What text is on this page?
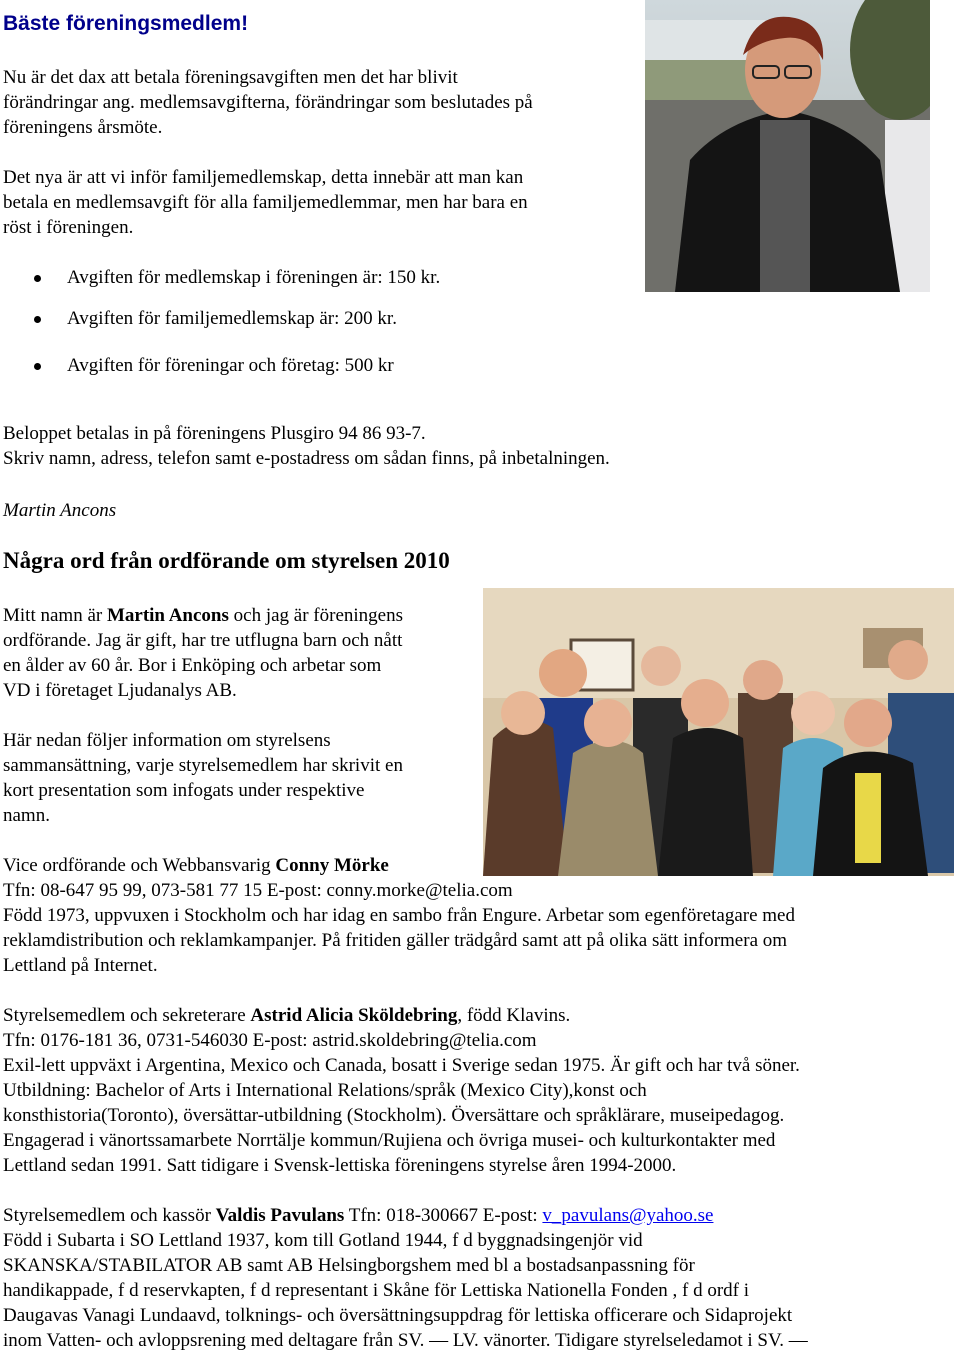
Bäste föreningsmedlem!

Nu är det dax att betala föreningsavgiften men det har blivit

förändringar ang. medlemsavgifterna, förändringar som beslutades på

föreningens årsmöte.

Det nya är att vi inför familjemedlemskap, detta innebär att man kan

betala en medlemsavgift för alla familjemedlemmar, men har bara en

röst i föreningen.

Avgiften för medlemskap i föreningen är: 150 kr.
Avgiften för familjemedlemskap är: 200 kr.
Avgiften för föreningar och företag: 500 kr

Beloppet betalas in på föreningens Plusgiro 94 86 93-7.

Skriv namn, adress, telefon samt e-postadress om sådan finns, på inbetalningen.

Martin Ancons

Några ord från ordförande om styrelsen 2010

Mitt namn är Martin Ancons och jag är föreningens

ordförande. Jag är gift, har tre utflugna barn och nått

en ålder av 60 år. Bor i Enköping och arbetar som

VD i företaget Ljudanalys AB.

Här nedan följer information om styrelsens

sammansättning, varje styrelsemedlem har skrivit en

kort presentation som infogats under respektive

namn.

Vice ordförande och Webbansvarig Conny Mörke

Tfn: 08-647 95 99, 073-581 77 15 E-post: conny.morke@telia.com

Född 1973, uppvuxen i Stockholm och har idag en sambo från Engure. Arbetar som egenföretagare med

reklamdistribution och reklamkampanjer. På fritiden gäller trädgård samt att på olika sätt informera om

Lettland på Internet.

Styrelsemedlem och sekreterare Astrid Alicia Sköldebring, född Klavins.

Tfn: 0176-181 36, 0731-546030 E-post: astrid.skoldebring@telia.com

Exil-lett uppväxt i Argentina, Mexico och Canada, bosatt i Sverige sedan 1975. Är gift och har två söner.

Utbildning: Bachelor of Arts i International Relations/språk (Mexico City),konst och

konsthistoria(Toronto), översättar-utbildning (Stockholm). Översättare och språklärare, museipedagog.

Engagerad i vänortssamarbete Norrtälje kommun/Rujiena och övriga musei- och kulturkontakter med

Lettland sedan 1991. Satt tidigare i Svensk-lettiska föreningens styrelse åren 1994-2000.

Styrelsemedlem och kassör Valdis Pavulans Tfn: 018-300667 E-post: v_pavulans@yahoo.se

Född i Subarta i SO Lettland 1937, kom till Gotland 1944, f d byggnadsingenjör vid

SKANSKA/STABILATOR AB samt AB Helsingborgshem med bl a bostadsanpassning för

handikappade, f d reservkapten, f d representant i Skåne för Lettiska Nationella Fonden , f d ordf i

Daugavas Vanagi Lundaavd, tolknings- och översättningsuppdrag för lettiska officerare och Sidaprojekt

inom Vatten- och avloppsrening med deltagare från SV. — LV. vänorter. Tidigare styrelseledamot i SV. —
